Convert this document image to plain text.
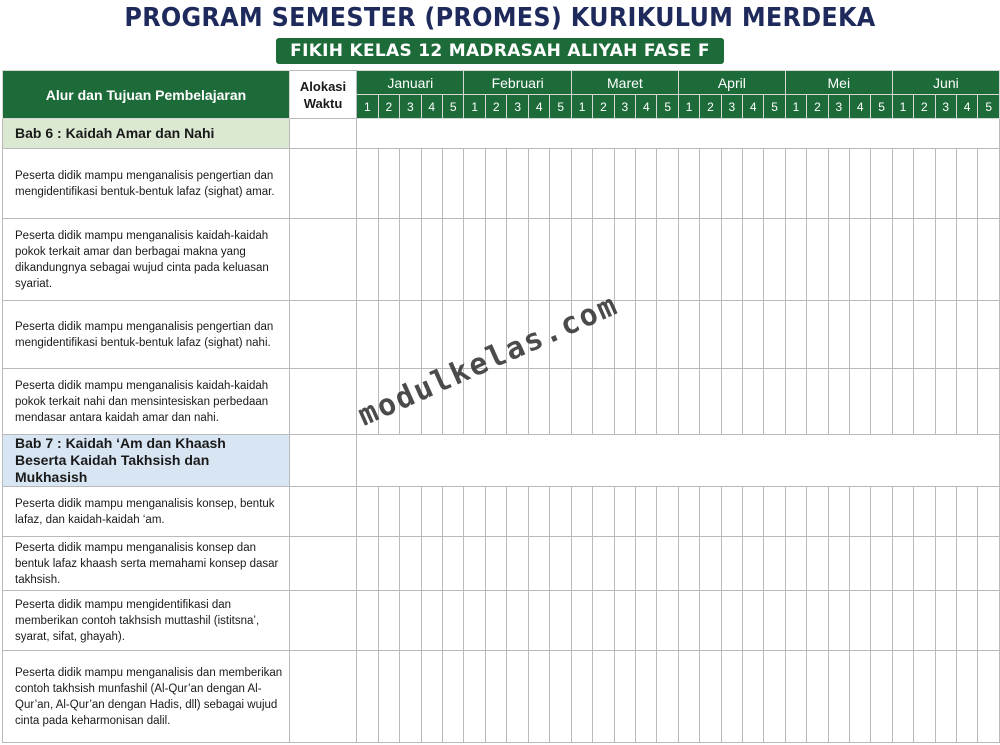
PROGRAM SEMESTER (PROMES) KURIKULUM MERDEKA
FIKIH KELAS 12 MADRASAH ALIYAH FASE F
Alur dan Tujuan Pembelajaran	Alokasi Waktu	Januari					Februari					Maret					April					Mei					Juni				
		1	2	3	4	5	1	2	3	4	5	1	2	3	4	5	1	2	3	4	5	1	2	3	4	5	1	2	3	4	5
Bab 6 : Kaidah Amar dan Nahi																															
Peserta didik mampu menganalisis pengertian dan mengidentifikasi bentuk-bentuk lafaz (sighat) amar.																															
Peserta didik mampu menganalisis kaidah-kaidah pokok terkait amar dan berbagai makna yang dikandungnya sebagai wujud cinta pada keluasan syariat.																															
Peserta didik mampu menganalisis pengertian dan mengidentifikasi bentuk-bentuk lafaz (sighat) nahi.																															
Peserta didik mampu menganalisis kaidah-kaidah pokok terkait nahi dan mensintesiskan perbedaan mendasar antara kaidah amar dan nahi.																															
Bab 7 : Kaidah ‘Am dan Khaash Beserta Kaidah Takhsish dan Mukhasish																															
Peserta didik mampu menganalisis konsep, bentuk lafaz, dan kaidah-kaidah ‘am.																															
Peserta didik mampu menganalisis konsep dan bentuk lafaz khaash serta memahami konsep dasar takhsish.																															
Peserta didik mampu mengidentifikasi dan memberikan contoh takhsish muttashil (istitsna’, syarat, sifat, ghayah).																															
Peserta didik mampu menganalisis dan memberikan contoh takhsish munfashil (Al-Qur’an dengan Al-Qur’an, Al-Qur’an dengan Hadis, dll) sebagai wujud cinta pada keharmonisan dalil.																															
modulkelas.com
